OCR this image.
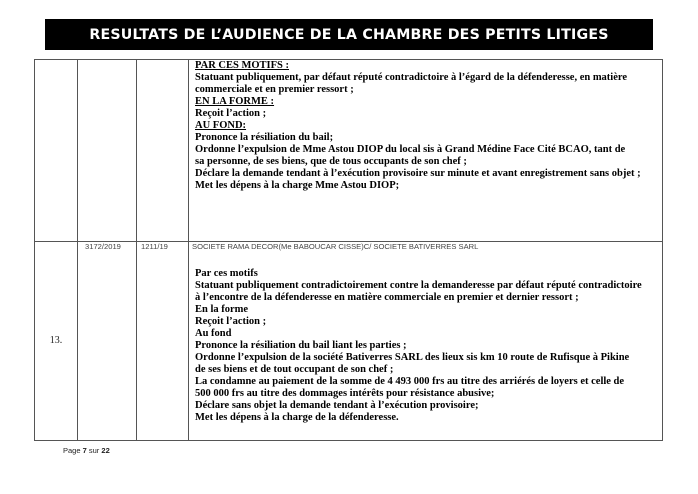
RESULTATS DE L’AUDIENCE DE LA CHAMBRE DES PETITS LITIGES
PAR CES MOTIFS :
Statuant publiquement, par défaut réputé contradictoire à l’égard de la défenderesse, en matière
commerciale et en premier ressort ;
EN LA FORME :
Reçoit l’action ;
AU FOND:
Prononce la résiliation du bail;
Ordonne l’expulsion de Mme Astou DIOP du local sis à Grand Médine Face Cité BCAO, tant de
sa personne, de ses biens, que de tous occupants de son chef ;
Déclare la demande tendant à l’exécution provisoire sur minute et avant enregistrement sans objet ;
Met les dépens à la charge Mme Astou DIOP;
13.
3172/2019	1211/19	SOCIETE RAMA DECOR(Me BABOUCAR CISSE)C/ SOCIETE BATIVERRES SARL
Par ces motifs
Statuant publiquement contradictoirement contre la demanderesse par défaut réputé contradictoire
à l’encontre de la défenderesse en matière commerciale en premier et dernier ressort ;
En la forme
Reçoit l’action ;
Au fond
Prononce la résiliation du bail liant les parties ;
Ordonne l’expulsion de la société Bativerres SARL des lieux sis km 10 route de Rufisque à Pikine
de ses biens et de tout occupant de son chef ;
La condamne au paiement de la somme de 4 493 000 frs au titre des arriérés de loyers et celle de
500 000 frs au titre des dommages intérêts pour résistance abusive;
Déclare sans objet la demande tendant à l’exécution provisoire;
Met les dépens à la charge de la défenderesse.
Page 7 sur 22
